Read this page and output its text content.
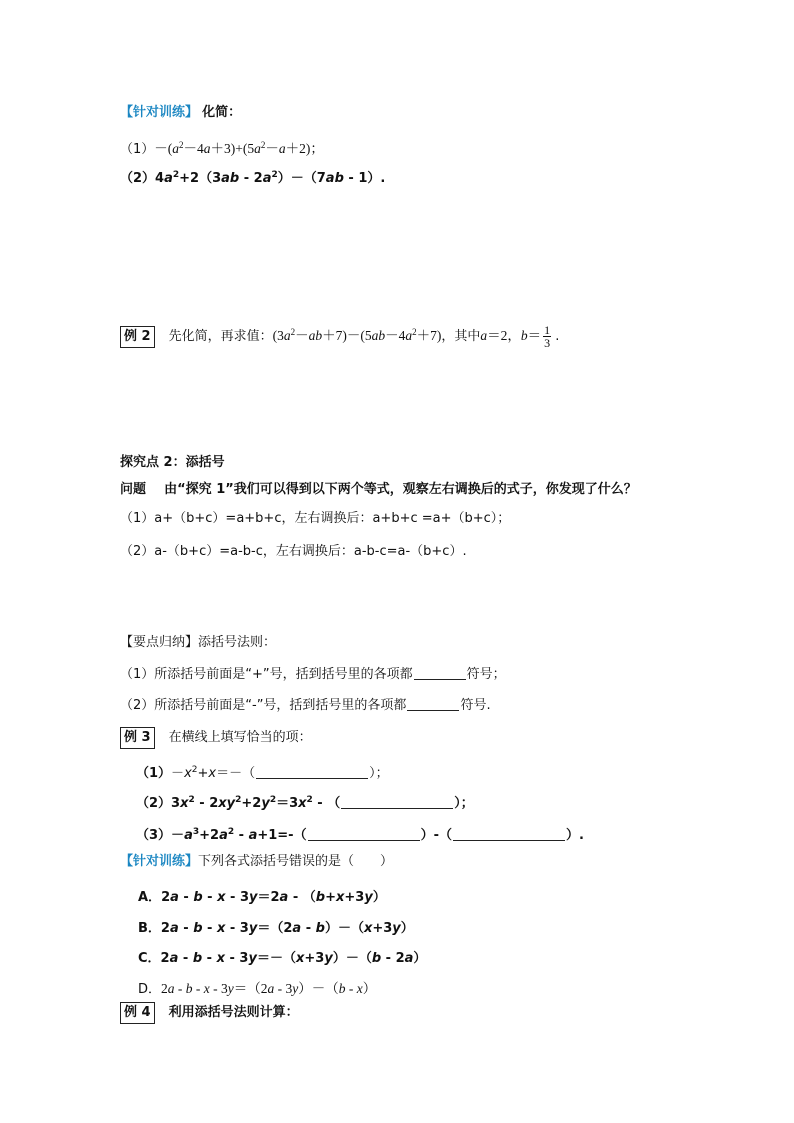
【针对训练】 化简：
$(1)-(a^2-4a+3)+(5a^2-a+2)$；
$(2)4a^2+2(3ab - 2a^2)-(7ab - 1)$.
例 2 先化简，再求值：$(3a^2-ab+7)-(5ab-4a^2+7)$，其中a＝2，$b= \frac{1}{3}$ .
探究点 2：添括号
问题 由“探究 1”我们可以得到以下两个等式，观察左右调换后的式子，你发现了什么？
（1）a+（b+c）=a+b+c，左右调换后：a+b+c =a+（b+c）；
（2）a-（b+c）=a-b-c，左右调换后：a-b-c=a-（b+c）.
【要点归纳】添括号法则：
（1）所添括号前面是“+”号，括到括号里的各项都	符号；
（2）所添括号前面是“-”号，括到括号里的各项都	符号.
例 3 在横线上填写恰当的项：
$(1)-x^2+x=-$（	）；
$(2)3x^2 - 2xy^2+2y^2=3x^2$ - （	）；
$(3)-a^3+2a^2 - a+1=-$（	）-（	）.
【针对训练】下列各式添括号错误的是（　　）
A．2a - b - x - 3y＝2a - （b+x+3y）
B．2a - b - x - 3y＝（2a - b）－（x+3y）
C．2a - b - x - 3y＝－（x+3y）－（b - 2a）
D．2a - b - x - 3y＝（2a - 3y）－（b - x）
例 4 利用添括号法则计算：
